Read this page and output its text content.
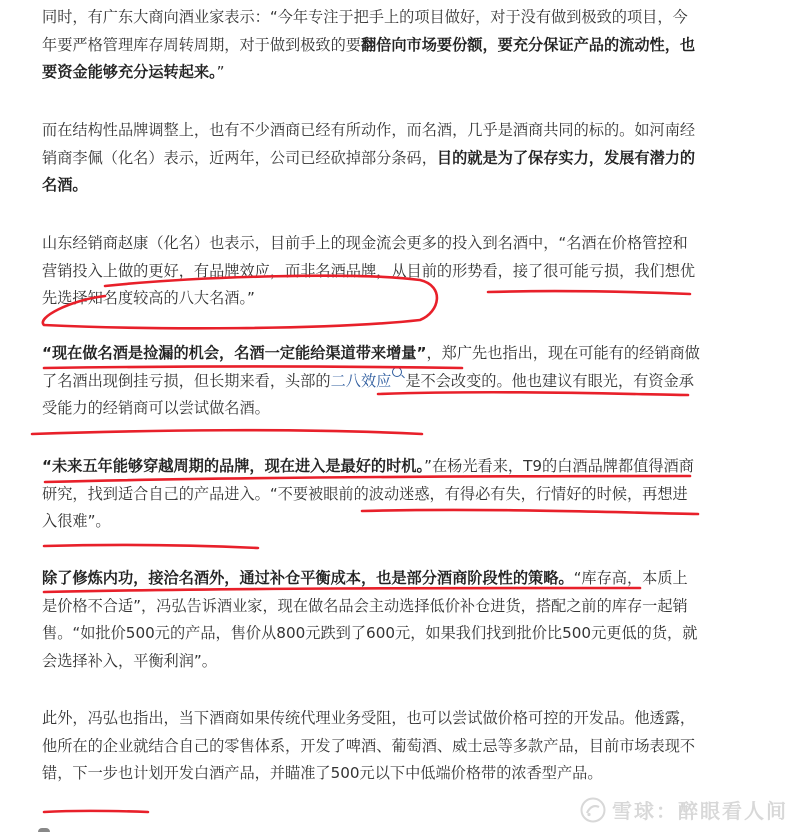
同时，有广东大商向酒业家表示：“今年专注于把手上的项目做好，对于没有做到极致的项目，今年要严格管理库存周转周期，对于做到极致的要翻倍向市场要份额，要充分保证产品的流动性，也要资金能够充分运转起来。”

而在结构性品牌调整上，也有不少酒商已经有所动作，而名酒，几乎是酒商共同的标的。如河南经销商李佩（化名）表示，近两年，公司已经砍掉部分条码，目的就是为了保存实力，发展有潜力的名酒。

山东经销商赵康（化名）也表示，目前手上的现金流会更多的投入到名酒中，“名酒在价格管控和营销投入上做的更好，有品牌效应，而非名酒品牌，从目前的形势看，接了很可能亏损，我们想优先选择知名度较高的八大名酒。”

“现在做名酒是捡漏的机会，名酒一定能给渠道带来增量”，郑广先也指出，现在可能有的经销商做了名酒出现倒挂亏损，但长期来看，头部的二八效应 是不会改变的。他也建议有眼光，有资金承受能力的经销商可以尝试做名酒。

“未来五年能够穿越周期的品牌，现在进入是最好的时机。”在杨光看来，T9的白酒品牌都值得酒商研究，找到适合自己的产品进入。“不要被眼前的波动迷惑，有得必有失，行情好的时候，再想进入很难”。

除了修炼内功，接洽名酒外，通过补仓平衡成本，也是部分酒商阶段性的策略。“库存高，本质上是价格不合适”，冯弘告诉酒业家，现在做名品会主动选择低价补仓进货，搭配之前的库存一起销售。“如批价500元的产品，售价从800元跌到了600元，如果我们找到批价比500元更低的货，就会选择补入，平衡利润”。

此外，冯弘也指出，当下酒商如果传统代理业务受阻，也可以尝试做价格可控的开发品。他透露，他所在的企业就结合自己的零售体系，开发了啤酒、葡萄酒、威士忌等多款产品，目前市场表现不错，下一步也计划开发白酒产品，并瞄准了500元以下中低端价格带的浓香型产品。

雪球：醉眼看人间
